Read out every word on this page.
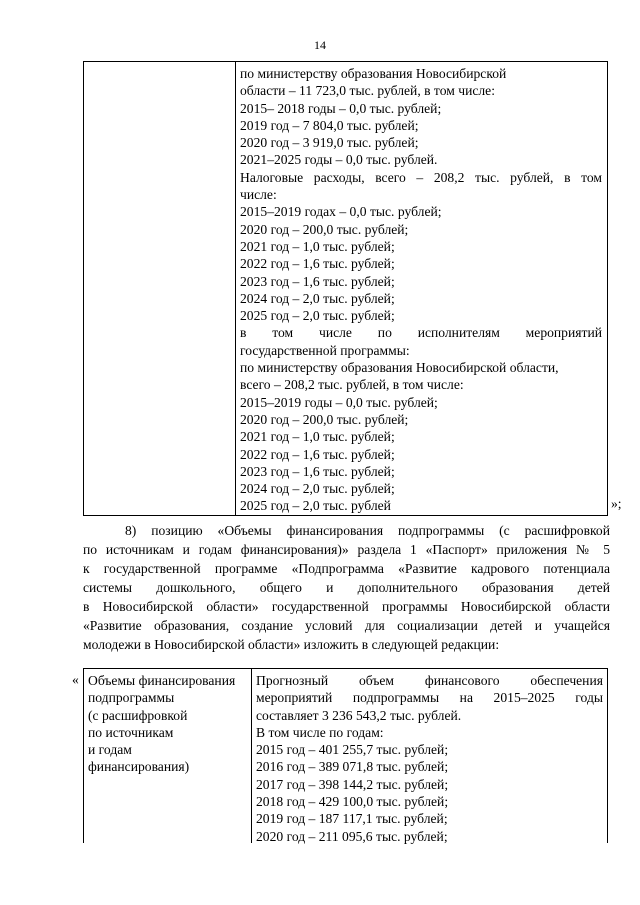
14
по министерству образования Новосибирской
области – 11 723,0 тыс. рублей, в том числе:
2015– 2018 годы – 0,0 тыс. рублей;
2019 год – 7 804,0 тыс. рублей;
2020 год – 3 919,0 тыс. рублей;
2021–2025 годы – 0,0 тыс. рублей.
Налоговые расходы, всего – 208,2 тыс. рублей, в том
числе:
2015–2019 годах – 0,0 тыс. рублей;
2020 год – 200,0 тыс. рублей;
2021 год – 1,0 тыс. рублей;
2022 год – 1,6 тыс. рублей;
2023 год – 1,6 тыс. рублей;
2024 год – 2,0 тыс. рублей;
2025 год – 2,0 тыс. рублей;
в том числе по исполнителям мероприятий
государственной программы:
по министерству образования Новосибирской области,
всего – 208,2 тыс. рублей, в том числе:
2015–2019 годы – 0,0 тыс. рублей;
2020 год – 200,0 тыс. рублей;
2021 год – 1,0 тыс. рублей;
2022 год – 1,6 тыс. рублей;
2023 год – 1,6 тыс. рублей;
2024 год – 2,0 тыс. рублей;
2025 год – 2,0 тыс. рублей	»;
8) позицию «Объемы финансирования подпрограммы (с расшифровкой
по источникам и годам финансирования)» раздела 1 «Паспорт» приложения № 5
к государственной программе «Подпрограмма «Развитие кадрового потенциала
системы дошкольного, общего и дополнительного образования детей
в Новосибирской области» государственной программы Новосибирской области
«Развитие образования, создание условий для социализации детей и учащейся
молодежи в Новосибирской области» изложить в следующей редакции:
« Объемы финансирования
подпрограммы
(с расшифровкой
по источникам
и годам
финансирования)
Прогнозный объем финансового обеспечения
мероприятий подпрограммы на 2015–2025 годы
составляет 3 236 543,2 тыс. рублей.
В том числе по годам:
2015 год – 401 255,7 тыс. рублей;
2016 год – 389 071,8 тыс. рублей;
2017 год – 398 144,2 тыс. рублей;
2018 год – 429 100,0 тыс. рублей;
2019 год – 187 117,1 тыс. рублей;
2020 год – 211 095,6 тыс. рублей;
